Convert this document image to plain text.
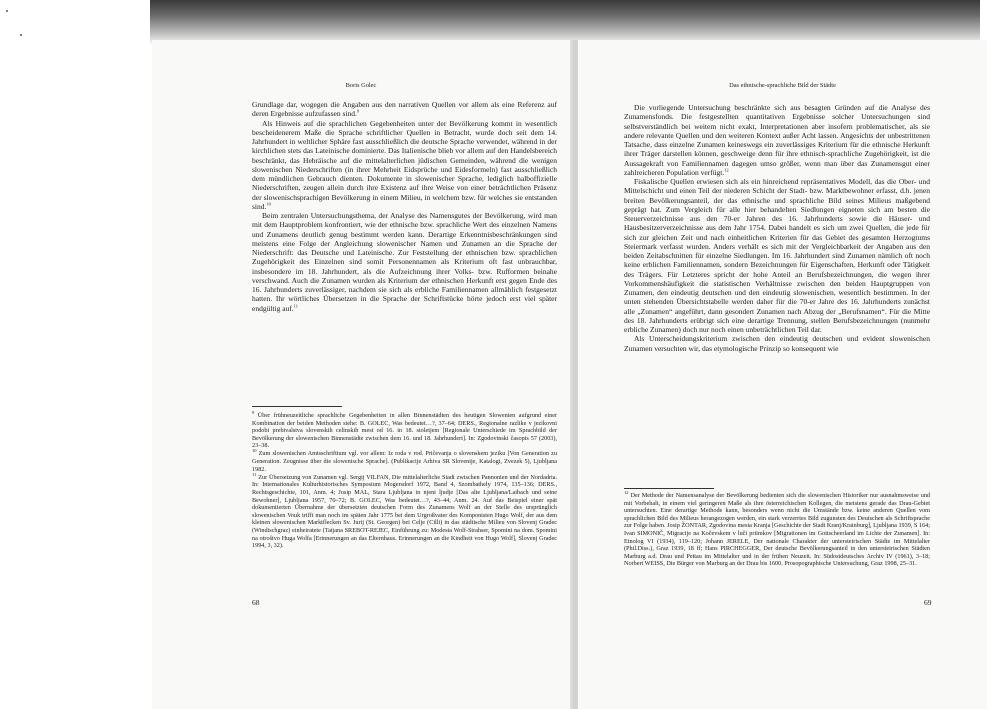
Boris Golec

Grundlage dar, wogegen die Angaben aus den narrativen Quellen vor allem als eine Referenz auf deren Ergebnisse aufzufassen sind.$^9$

Als Hinweis auf die sprachlichen Gegebenheiten unter der Bevölkerung kommt in wesentlich bescheidenerem Maße die Sprache schriftlicher Quellen in Betracht, wurde doch seit dem 14. Jahrhundert in weltlicher Sphäre fast ausschließlich die deutsche Sprache verwendet, während in der kirchlichen stets das Lateinische dominierte. Das Italienische blieb vor allem auf den Handelsbereich beschränkt, das Hebräische auf die mittelalterlichen jüdischen Gemeinden, während die wenigen slowenischen Niederschriften (in ihrer Mehrheit Eidsprüche und Eidesformeln) fast ausschließlich dem mündlichen Gebrauch dienten. Dokumente in slowenischer Sprache, lediglich halboffizielle Niederschriften, zeugen allein durch ihre Existenz auf ihre Weise von einer beträchtlichen Präsenz der slowenischsprachigen Bevölkerung in einem Milieu, in welchem bzw. für welches sie entstanden sind.$^{10}$

Beim zentralen Untersuchungsthema, der Analyse des Namensgutes der Bevölkerung, wird man mit dem Hauptproblem konfrontiert, wie der ethnische bzw. sprachliche Wert des einzelnen Namens und Zunamens deutlich genug bestimmt werden kann. Derartige Erkenntnisbeschränkungen sind meistens eine Folge der Angleichung slowenischer Namen und Zunamen an die Sprache der Niederschrift: das Deutsche und Lateinische. Zur Feststellung der ethnischen bzw. sprachlichen Zugehörigkeit des Einzelnen sind somit Personennamen als Kriterium oft fast unbrauchbar, insbesondere im 18. Jahrhundert, als die Aufzeichnung ihrer Volks- bzw. Rufformen beinahe verschwand. Auch die Zunamen wurden als Kriterium der ethnischen Herkunft erst gegen Ende des 16. Jahrhunderts zuverlässiger, nachdem sie sich als erbliche Familiennamen allmählich festgesetzt hatten. Ihr wörtliches Übersetzen in die Sprache der Schriftstücke hörte jedoch erst viel später endgültig auf.$^{11}$

$^9$ Über frühneuzeitliche sprachliche Gegebenheiten in allen Binnenstädten des heutigen Slowenien aufgrund einer Kombination der beiden Methoden siehe: B. GOLEC, Was bedeutet…?, 37–64; DERS., Regionalne razlike v jezikovni podobi prebivalstva slovenskih celinskih mest od 16. in 18. stoletjem [Regionale Unterschiede im Sprachbild der Bevölkerung der slowenischen Binnenstädte zwischen dem 16. und 18. Jahrhundert]. In: Zgodovinski časopis 57 (2003), 23–38.

$^{10}$ Zum slowenischen Amtsschrifttum vgl. vor allem: Iz roda v rod. Pričevanja o slovenskem jeziku [Von Generation zu Generation. Zeugnisse über die slowenische Sprache]. (Publikacije Arhiva SR Slovenije, Katalogi, Zvezek 5), Ljubljana 1982.

$^{11}$ Zur Übersetzung von Zunamen vgl. Sergij VILFAN, Die mittelalterliche Stadt zwischen Pannonien und der Nordadria. In: Internationales Kulturhistorisches Symposium Mogersdorf 1972, Band 4, Szombathely 1974, 135–136; DERS., Rechtsgeschichte, 101, Anm. 4; Josip MAL, Stara Ljubljana in njeni ljudje [Das alte Ljubljana/Laibach und seine Bewohner], Ljubljana 1957, 70–72; B. GOLEC, Was bedeutet…?, 43–44, Anm. 24. Auf das Beispiel einer spät dokumentierten Übernahme der übersetzten deutschen Form des Zunamens Wolf an der Stelle des ursprünglich slowenischen Vouk trifft man noch im späten Jahr 1775 bei dem Urgroßvater des Komponisten Hugo Wolf, der aus dem kleinen slowenischen Marktflecken Sv. Jurij (St. Georgen) bei Celje (Cilli) in das städtische Milieu von Slovenj Gradec (Windischgraz) einheiratete (Tatjana SREBOT-REJEC, Einführung zu: Modesta Wolf-Strahser, Spomini na dom. Spomini na otroštvo Huga Wolfa [Erinnerungen an das Elternhaus. Erinnerungen an die Kindheit von Hugo Wolf], Slovenj Gradec 1994, 3, 32).

68
Das ethnische-sprachliche Bild der Städte

Die vorliegende Untersuchung beschränkte sich aus besagten Gründen auf die Analyse des Zunamensfonds. Die festgestellten quantitativen Ergebnisse solcher Untersuchungen sind selbstverständlich bei weitem nicht exakt, Interpretationen aber insofern problematischer, als sie andere relevante Quellen und den weiteren Kontext außer Acht lassen. Angesichts der unbestrittenen Tatsache, dass einzelne Zunamen keineswegs ein zuverlässiges Kriterium für die ethnische Herkunft ihrer Träger darstellen können, geschweige denn für ihre ethnisch-sprachliche Zugehörigkeit, ist die Aussagekraft von Familiennamen dagegen umso größer, wenn man über das Zunamensgut einer zahlreicheren Population verfügt.$^{12}$

Fiskalische Quellen erwiesen sich als ein hinreichend repräsentatives Modell, das die Ober- und Mittelschicht und einen Teil der niederen Schicht der Stadt- bzw. Marktbewohner erfasst, d.h. jenen breiten Bevölkerungsanteil, der das ethnische und sprachliche Bild seines Milieus maßgebend geprägt hat. Zum Vergleich für alle hier behandelten Siedlungen eigneten sich am besten die Steuerverzeichnisse aus den 70-er Jahren des 16. Jahrhunderts sowie die Häuser- und Hausbesitzerverzeichnisse aus dem Jahr 1754. Dabei handelt es sich um zwei Quellen, die jede für sich zur gleichen Zeit und nach einheitlichen Kriterien für das Gebiet des gesamten Herzogtums Steiermark verfasst wurden. Anders verhält es sich mit der Vergleichbarkeit der Angaben aus den beiden Zeitabschnitten für einzelne Siedlungen. Im 16. Jahrhundert sind Zunamen nämlich oft noch keine erblichen Familiennamen, sondern Bezeichnungen für Eigenschaften, Herkunft oder Tätigkeit des Trägers. Für Letzteres spricht der hohe Anteil an Berufsbezeichnungen, die wegen ihrer Vorkommenshäufigkeit die statistischen Verhältnisse zwischen den beiden Hauptgruppen von Zunamen, den eindeutig deutschen und den eindeutig slowenischen, wesentlich bestimmen. In der unten stehenden Übersichtstabelle werden daher für die 70-er Jahre des 16. Jahrhunderts zunächst alle „Zunamen“ angeführt, dann gesondert Zunamen nach Abzug der „Berufsnamen“. Für die Mitte des 18. Jahrhunderts erübrigt sich eine derartige Trennung, stellen Berufsbezeichnungen (nunmehr erbliche Zunamen) doch nur noch einen unbeträchtlichen Teil dar.

Als Unterscheidungskriterium zwischen den eindeutig deutschen und evident slowenischen Zunamen versuchten wir, das etymologische Prinzip so konsequent wie

$^{12}$ Der Methode der Namensanalyse der Bevölkerung bedienten sich die slowenischen Historiker nur ausnahmsweise und mit Vorbehalt, in einem viel geringeren Maße als ihre österreichischen Kollegen, die meistens gerade das Drau-Gebiet untersuchten. Eine derartige Methode kann, besonders wenn nicht die Umstände bzw. keine anderen Quellen vom sprachlichen Bild des Milieus herangezogen werden, ein stark verzerrtes Bild zugunsten des Deutschen als Schriftsprache zur Folge haben. Josip ŽONTAR, Zgodovina mesta Kranja [Geschichte der Stadt Kranj/Krainburg], Ljubljana 1939, S 164; Ivan SIMONIČ, Migracije na Kočevskem v luči priimkov [Migrationen im Gottscheerland im Lichte der Zunamen]. In: Etnolog VI (1934), 119–120; Johann JERELE, Der nationale Charakter der untersteirischen Städte im Mittelalter (Phil.Diss.), Graz 1939, 18 ff; Hans PIRCHEGGER, Der deutsche Bevölkerungsanteil in den untersteirischen Städten Marburg a.d. Drau und Pettau im Mittelalter und in der frühen Neuzeit. In: Südostdeutsches Archiv IV (1961), 3–18; Norbert WEISS, Die Bürger von Marburg an der Drau bis 1600. Prosopographische Untersuchung, Graz 1998, 25–31.

69
